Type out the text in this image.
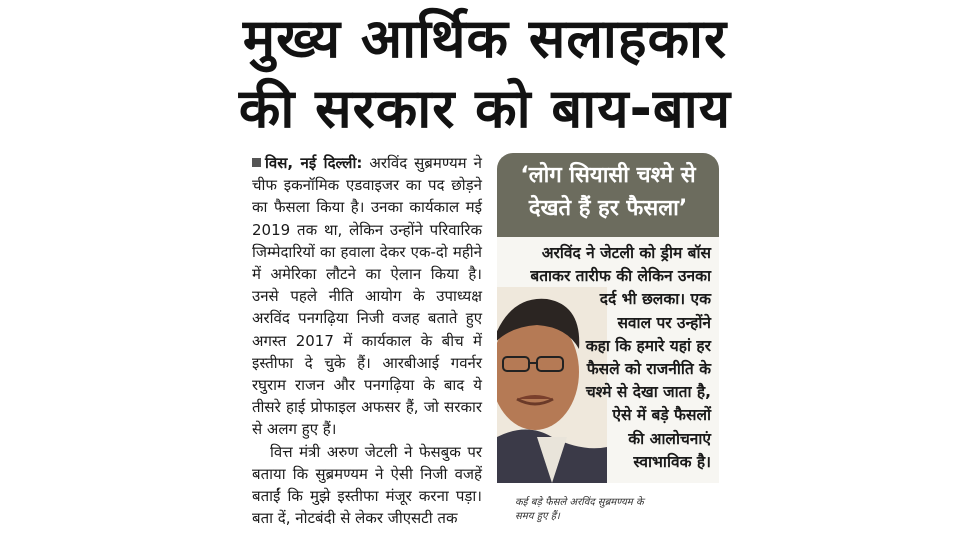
मुख्य आर्थिक सलाहकार
की सरकार को बाय-बाय

विस, नई दिल्ली: अरविंद सुब्रमण्यम ने चीफ इकनॉमिक एडवाइजर का पद छोड़ने का फैसला किया है। उनका कार्यकाल मई 2019 तक था, लेकिन उन्होंने परिवारिक जिम्मेदारियों का हवाला देकर एक-दो महीने में अमेरिका लौटने का ऐलान किया है। उनसे पहले नीति आयोग के उपाध्यक्ष अरविंद पनगढ़िया निजी वजह बताते हुए अगस्त 2017 में कार्यकाल के बीच में इस्तीफा दे चुके हैं। आरबीआई गवर्नर रघुराम राजन और पनगढ़िया के बाद ये तीसरे हाई प्रोफाइल अफसर हैं, जो सरकार से अलग हुए हैं।

वित्त मंत्री अरुण जेटली ने फेसबुक पर बताया कि सुब्रमण्यम ने ऐसी निजी वजहें बताईं कि मुझे इस्तीफा मंजूर करना पड़ा। बता दें, नोटबंदी से लेकर जीएसटी तक

‘लोग सियासी चश्मे से
देखते हैं हर फैसला’
अरविंद ने जेटली को ड्रीम बॉस
बताकर तारीफ की लेकिन उनका
दर्द भी छलका। एक
सवाल पर उन्होंने
कहा कि हमारे यहां हर
फैसले को राजनीति के
चश्मे से देखा जाता है,
ऐसे में बड़े फैसलों
की आलोचनाएं
स्वाभाविक है।
कई बड़े फैसले अरविंद सुब्रमण्यम के
समय हुए हैं।
